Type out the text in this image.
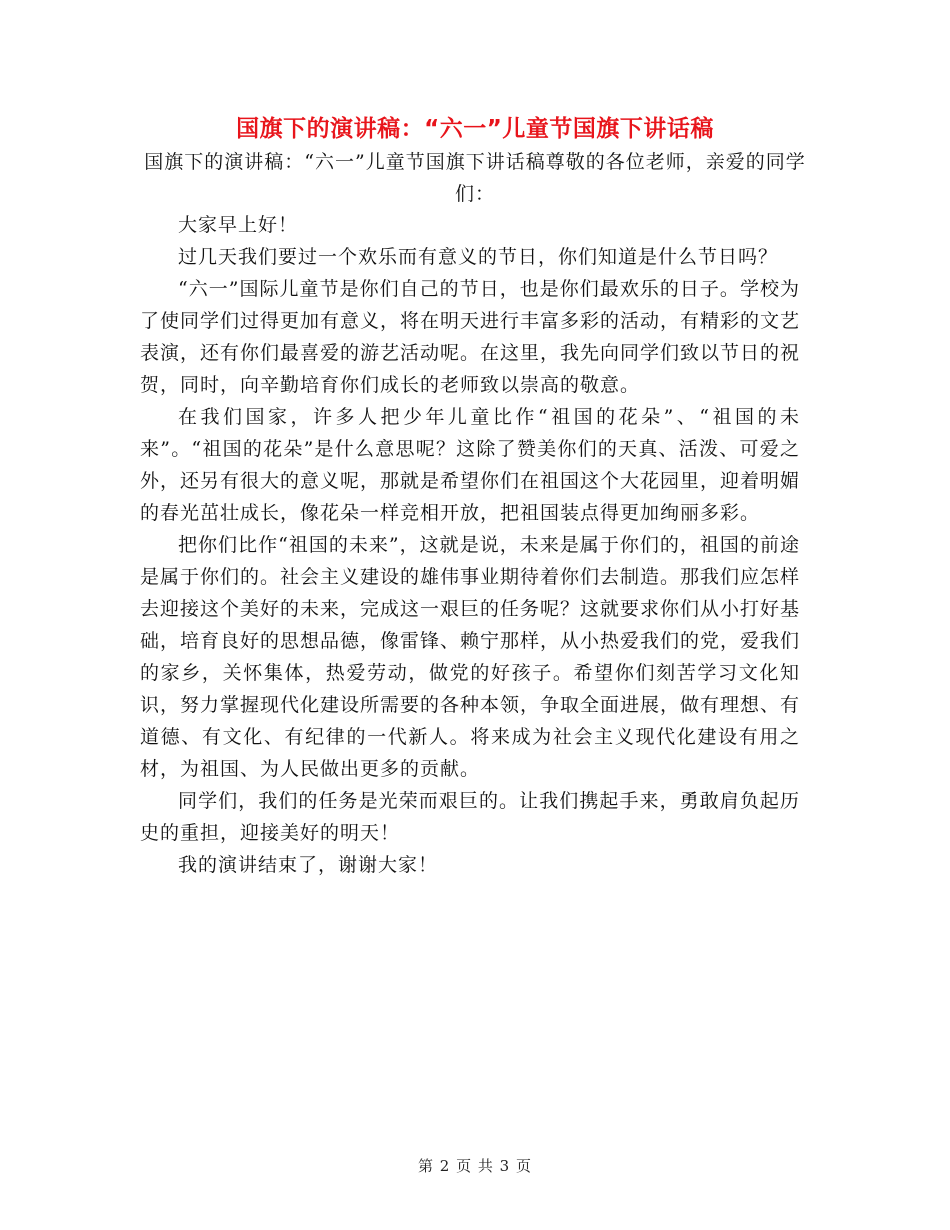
国旗下的演讲稿：“六一”儿童节国旗下讲话稿
国旗下的演讲稿：“六一”儿童节国旗下讲话稿尊敬的各位老师，亲爱的同学们：

大家早上好！

过几天我们要过一个欢乐而有意义的节日，你们知道是什么节日吗？

“六一”国际儿童节是你们自己的节日，也是你们最欢乐的日子。学校为了使同学们过得更加有意义，将在明天进行丰富多彩的活动，有精彩的文艺表演，还有你们最喜爱的游艺活动呢。在这里，我先向同学们致以节日的祝贺，同时，向辛勤培育你们成长的老师致以崇高的敬意。

在我们国家，许多人把少年儿童比作“祖国的花朵”、“祖国的未来”。“祖国的花朵”是什么意思呢？这除了赞美你们的天真、活泼、可爱之外，还另有很大的意义呢，那就是希望你们在祖国这个大花园里，迎着明媚的春光茁壮成长，像花朵一样竞相开放，把祖国装点得更加绚丽多彩。

把你们比作“祖国的未来”，这就是说，未来是属于你们的，祖国的前途是属于你们的。社会主义建设的雄伟事业期待着你们去制造。那我们应怎样去迎接这个美好的未来，完成这一艰巨的任务呢？这就要求你们从小打好基础，培育良好的思想品德，像雷锋、赖宁那样，从小热爱我们的党，爱我们的家乡，关怀集体，热爱劳动，做党的好孩子。希望你们刻苦学习文化知识，努力掌握现代化建设所需要的各种本领，争取全面进展，做有理想、有道德、有文化、有纪律的一代新人。将来成为社会主义现代化建设有用之材，为祖国、为人民做出更多的贡献。

同学们，我们的任务是光荣而艰巨的。让我们携起手来，勇敢肩负起历史的重担，迎接美好的明天！

我的演讲结束了，谢谢大家！

第 2 页 共 3 页
